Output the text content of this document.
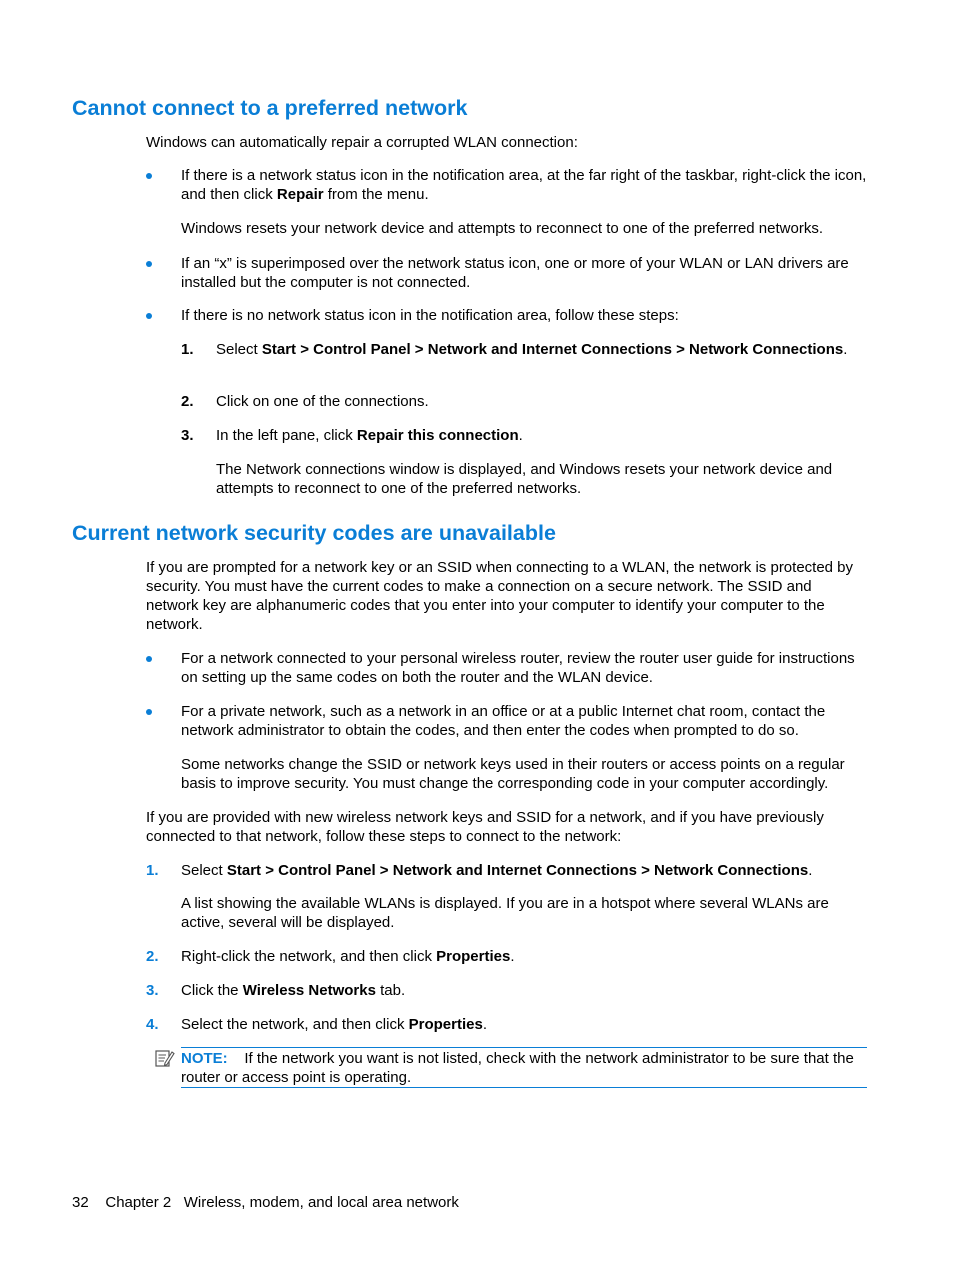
Cannot connect to a preferred network

Windows can automatically repair a corrupted WLAN connection:

If there is a network status icon in the notification area, at the far right of the taskbar, right-click the icon, and then click Repair from the menu.

Windows resets your network device and attempts to reconnect to one of the preferred networks.

If an “x” is superimposed over the network status icon, one or more of your WLAN or LAN drivers are installed but the computer is not connected.

If there is no network status icon in the notification area, follow these steps:

1. Select Start > Control Panel > Network and Internet Connections > Network Connections.

2. Click on one of the connections.

3. In the left pane, click Repair this connection.

The Network connections window is displayed, and Windows resets your network device and attempts to reconnect to one of the preferred networks.

Current network security codes are unavailable

If you are prompted for a network key or an SSID when connecting to a WLAN, the network is protected by security. You must have the current codes to make a connection on a secure network. The SSID and network key are alphanumeric codes that you enter into your computer to identify your computer to the network.

For a network connected to your personal wireless router, review the router user guide for instructions on setting up the same codes on both the router and the WLAN device.

For a private network, such as a network in an office or at a public Internet chat room, contact the network administrator to obtain the codes, and then enter the codes when prompted to do so.

Some networks change the SSID or network keys used in their routers or access points on a regular basis to improve security. You must change the corresponding code in your computer accordingly.

If you are provided with new wireless network keys and SSID for a network, and if you have previously connected to that network, follow these steps to connect to the network:

1. Select Start > Control Panel > Network and Internet Connections > Network Connections.

A list showing the available WLANs is displayed. If you are in a hotspot where several WLANs are active, several will be displayed.

2. Right-click the network, and then click Properties.

3. Click the Wireless Networks tab.

4. Select the network, and then click Properties.

NOTE: If the network you want is not listed, check with the network administrator to be sure that the router or access point is operating.

32 Chapter 2 Wireless, modem, and local area network
